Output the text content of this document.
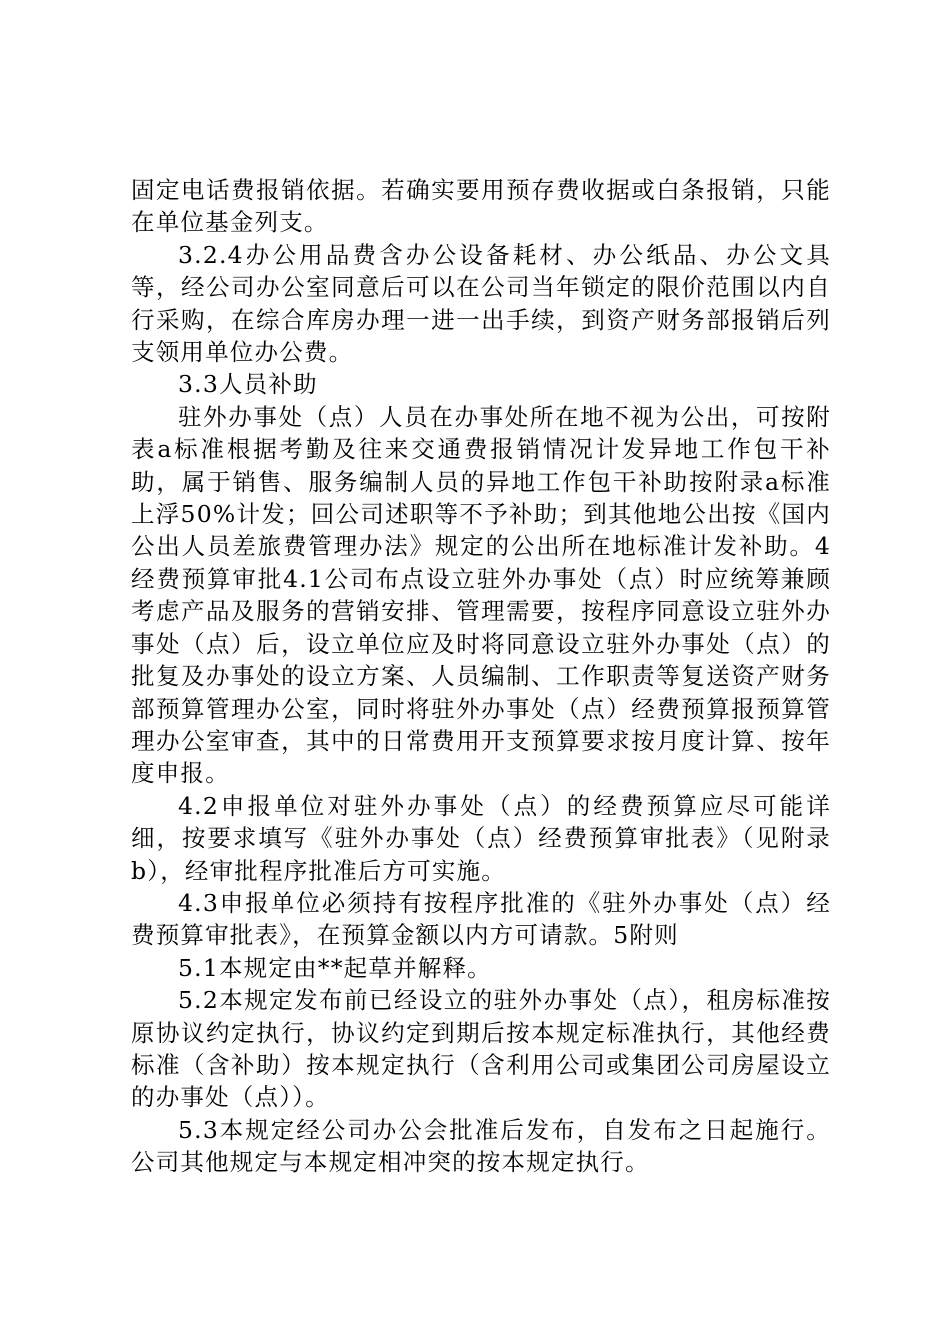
固定电话费报销依据。若确实要用预存费收据或白条报销，只能在单位基金列支。

3.2.4办公用品费含办公设备耗材、办公纸品、办公文具等，经公司办公室同意后可以在公司当年锁定的限价范围以内自行采购，在综合库房办理一进一出手续，到资产财务部报销后列支领用单位办公费。

3.3人员补助

驻外办事处（点）人员在办事处所在地不视为公出，可按附表a标准根据考勤及往来交通费报销情况计发异地工作包干补助，属于销售、服务编制人员的异地工作包干补助按附录a标准上浮50%计发；回公司述职等不予补助；到其他地公出按《国内公出人员差旅费管理办法》规定的公出所在地标准计发补助。4经费预算审批4.1公司布点设立驻外办事处（点）时应统筹兼顾考虑产品及服务的营销安排、管理需要，按程序同意设立驻外办事处（点）后，设立单位应及时将同意设立驻外办事处（点）的批复及办事处的设立方案、人员编制、工作职责等复送资产财务部预算管理办公室，同时将驻外办事处（点）经费预算报预算管理办公室审查，其中的日常费用开支预算要求按月度计算、按年度申报。

4.2申报单位对驻外办事处（点）的经费预算应尽可能详细，按要求填写《驻外办事处（点）经费预算审批表》（见附录b），经审批程序批准后方可实施。

4.3申报单位必须持有按程序批准的《驻外办事处（点）经费预算审批表》，在预算金额以内方可请款。5附则

5.1本规定由**起草并解释。

5.2本规定发布前已经设立的驻外办事处（点），租房标准按原协议约定执行，协议约定到期后按本规定标准执行，其他经费标准（含补助）按本规定执行（含利用公司或集团公司房屋设立的办事处（点））。

5.3本规定经公司办公会批准后发布，自发布之日起施行。公司其他规定与本规定相冲突的按本规定执行。
